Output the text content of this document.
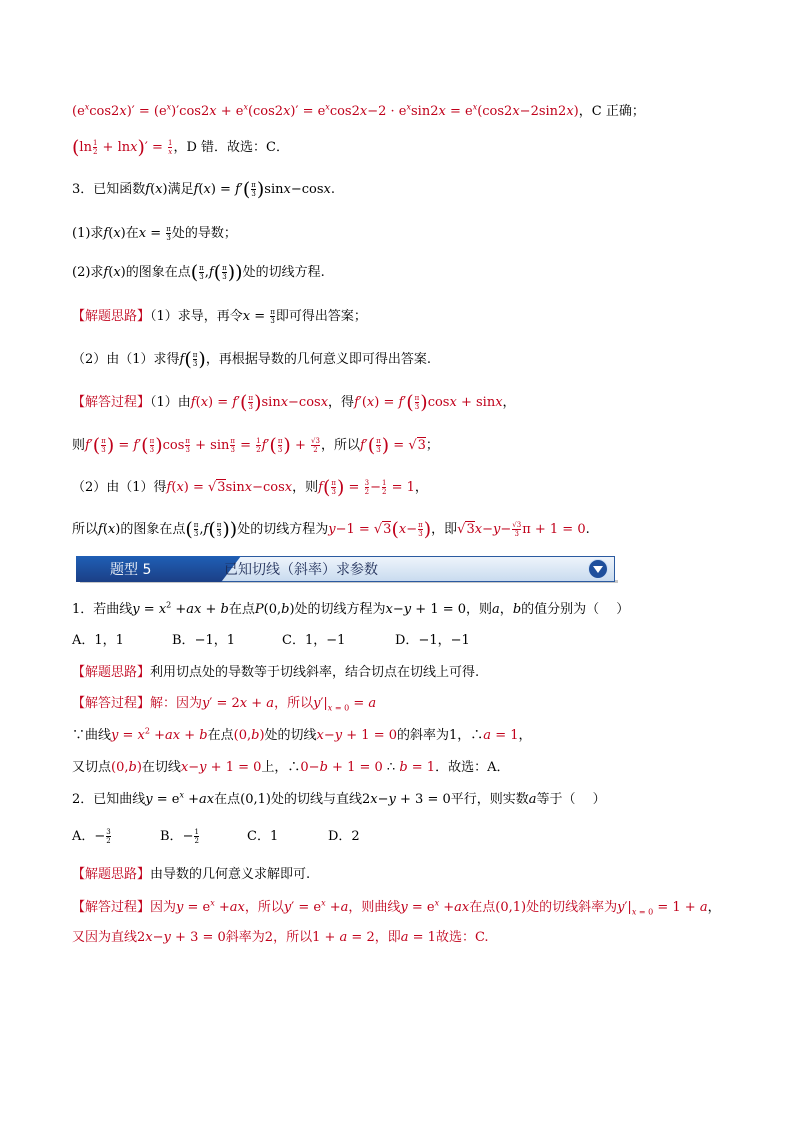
$(e^x\cos 2x)' = (e^x)'\cos 2x + e^x(\cos 2x)' = e^x\cos 2x-2 \cdot e^x\sin 2x = e^x(\cos 2x-2\sin 2x)$，C 正确；
$(\ln \frac{1}{2} + \ln x)' = \frac{1}{x}$ ，D 错．故选：C．
3．已知函数f(x)满足$f(x) = f'( \frac{\pi}{3} )\sin x-\cos x$.
(1)求f(x)在$x = \frac{\pi}{3}$ 处的导数；
(2)求f(x)的图象在点( $\frac{\pi}{3} ,f( \frac{\pi}{3}$ ))处的切线方程.
【解题思路】（1）求导，再令$x = \frac{\pi}{3}$ 即可得出答案；
（2）由（1）求得$f( \frac{\pi}{3}$ )，再根据导数的几何意义即可得出答案.
【解答过程】（1）由$f(x) = f'( \frac{\pi}{3} )\sin x-\cos x$，得$f'(x) = f'( \frac{\pi}{3} )\cos x + \sin x$，
则$f'( \frac{\pi}{3}$ ) = $f'( \frac{\pi}{3} )\cos \frac{\pi}{3} + \sin \frac{\pi}{3} = \frac{1}{2} f'( \frac{\pi}{3}$ ) + $\frac{√3}{2}$ ，所以$f'( \frac{\pi}{3}$ ) = √3；
（2）由（1）得f(x) = √3sinx−cosx，则$f( \frac{\pi}{3}$ ) = $\frac{3}{2} - \frac{1}{2} = 1$，
所以f(x)的图象在点( $\frac{\pi}{3} ,f( \frac{\pi}{3}$ ))处的切线方程为$y-1 = √3(x- \frac{\pi}{3}$ )，即$√3x-y- \frac{√3}{3}$ π + 1 = 0.
题型 5	已知切线（斜率）求参数
1．若曲线$y = x^2 +ax + b$在点P(0,b)处的切线方程为x−y + 1 = 0，则a，b的值分别为（　 ）
A．1，1	B．−1，1	C．1，−1	D．−1，−1
【解题思路】利用切点处的导数等于切线斜率，结合切点在切线上可得.
【解答过程】解：因为y′ = 2x + a，所以$y'|_{x = 0} = a$
∵曲线$y = x^2 +ax + b$在点(0,b)处的切线x−y + 1 = 0的斜率为1，∴a = 1，
又切点(0,b)在切线x−y + 1 = 0上，∴0−b + 1 = 0 ∴ b = 1．故选：A．
2．已知曲线$y = e^x +ax$在点(0,1)处的切线与直线2x−y + 3 = 0平行，则实数a等于（　 ）
A．− $\frac{3}{2}$	B．− $\frac{1}{2}$	C．1	D．2
【解题思路】由导数的几何意义求解即可.
【解答过程】因为$y = e^x +ax$，所以$y' = e^x +a$，则曲线$y = e^x +ax$在点(0,1)处的切线斜率为$y'|_{x = 0} = 1 + a$，
又因为直线2x−y + 3 = 0斜率为2，所以1 + a = 2，即a = 1故选：C.
